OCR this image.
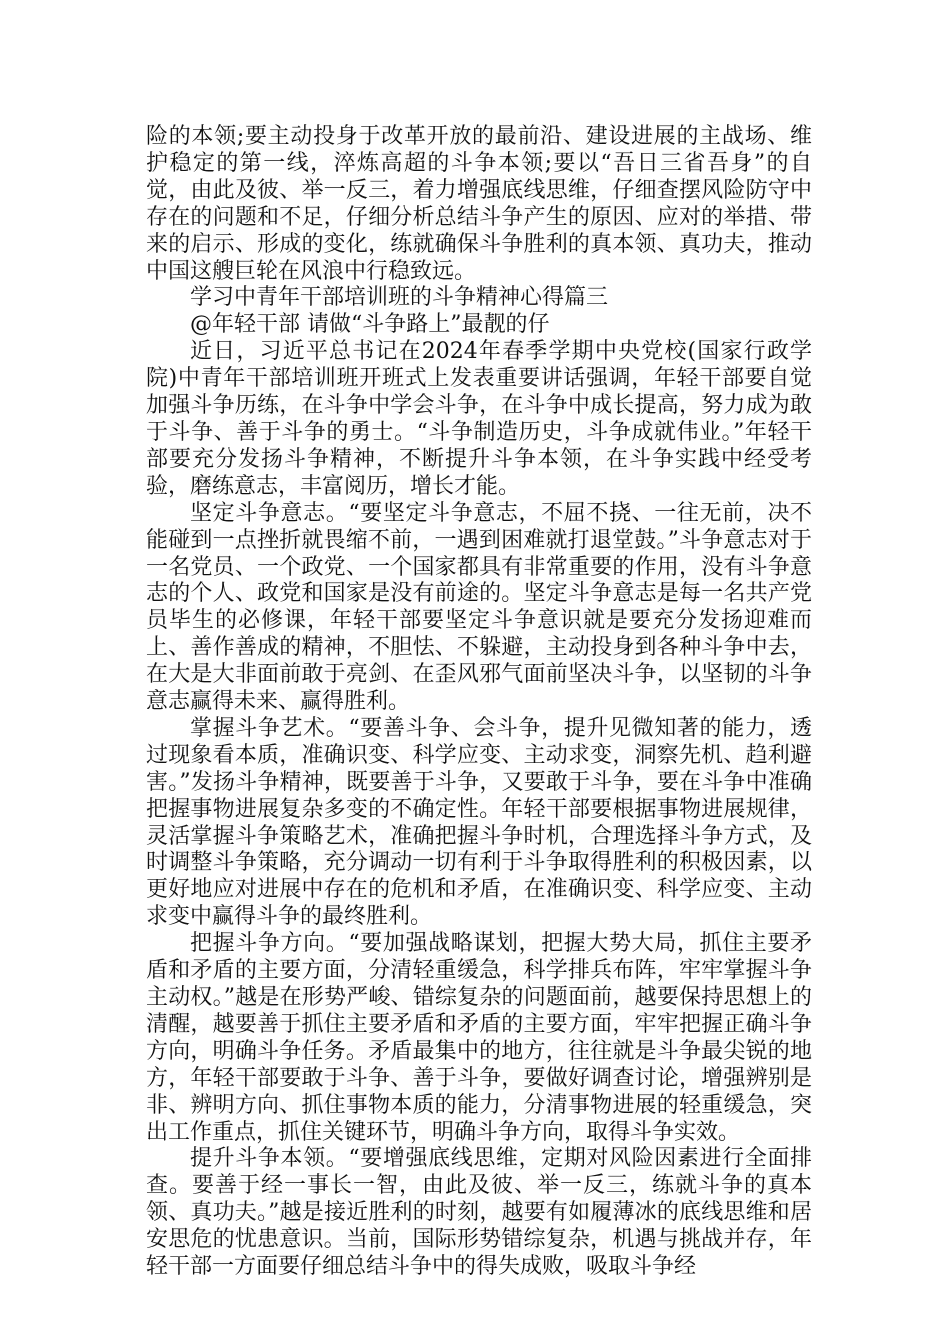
险的本领;要主动投身于改革开放的最前沿、建设进展的主战场、维护稳定的第一线，淬炼高超的斗争本领;要以“吾日三省吾身”的自觉，由此及彼、举一反三，着力增强底线思维，仔细查摆风险防守中存在的问题和不足，仔细分析总结斗争产生的原因、应对的举措、带来的启示、形成的变化，练就确保斗争胜利的真本领、真功夫，推动中国这艘巨轮在风浪中行稳致远。

学习中青年干部培训班的斗争精神心得篇三

@年轻干部 请做“斗争路上”最靓的仔

近日，习近平总书记在2024年春季学期中央党校(国家行政学院)中青年干部培训班开班式上发表重要讲话强调，年轻干部要自觉加强斗争历练，在斗争中学会斗争，在斗争中成长提高，努力成为敢于斗争、善于斗争的勇士。“斗争制造历史，斗争成就伟业。”年轻干部要充分发扬斗争精神，不断提升斗争本领，在斗争实践中经受考验，磨练意志，丰富阅历，增长才能。

坚定斗争意志。“要坚定斗争意志，不屈不挠、一往无前，决不能碰到一点挫折就畏缩不前，一遇到困难就打退堂鼓。”斗争意志对于一名党员、一个政党、一个国家都具有非常重要的作用，没有斗争意志的个人、政党和国家是没有前途的。坚定斗争意志是每一名共产党员毕生的必修课，年轻干部要坚定斗争意识就是要充分发扬迎难而上、善作善成的精神，不胆怯、不躲避，主动投身到各种斗争中去，在大是大非面前敢于亮剑、在歪风邪气面前坚决斗争，以坚韧的斗争意志赢得未来、赢得胜利。

掌握斗争艺术。“要善斗争、会斗争，提升见微知著的能力，透过现象看本质，准确识变、科学应变、主动求变，洞察先机、趋利避害。”发扬斗争精神，既要善于斗争，又要敢于斗争，要在斗争中准确把握事物进展复杂多变的不确定性。年轻干部要根据事物进展规律，灵活掌握斗争策略艺术，准确把握斗争时机，合理选择斗争方式，及时调整斗争策略，充分调动一切有利于斗争取得胜利的积极因素，以更好地应对进展中存在的危机和矛盾，在准确识变、科学应变、主动求变中赢得斗争的最终胜利。

把握斗争方向。“要加强战略谋划，把握大势大局，抓住主要矛盾和矛盾的主要方面，分清轻重缓急，科学排兵布阵，牢牢掌握斗争主动权。”越是在形势严峻、错综复杂的问题面前，越要保持思想上的清醒，越要善于抓住主要矛盾和矛盾的主要方面，牢牢把握正确斗争方向，明确斗争任务。矛盾最集中的地方，往往就是斗争最尖锐的地方，年轻干部要敢于斗争、善于斗争，要做好调查讨论，增强辨别是非、辨明方向、抓住事物本质的能力，分清事物进展的轻重缓急，突出工作重点，抓住关键环节，明确斗争方向，取得斗争实效。

提升斗争本领。“要增强底线思维，定期对风险因素进行全面排查。要善于经一事长一智，由此及彼、举一反三，练就斗争的真本领、真功夫。”越是接近胜利的时刻，越要有如履薄冰的底线思维和居安思危的忧患意识。当前，国际形势错综复杂，机遇与挑战并存，年轻干部一方面要仔细总结斗争中的得失成败，吸取斗争经
